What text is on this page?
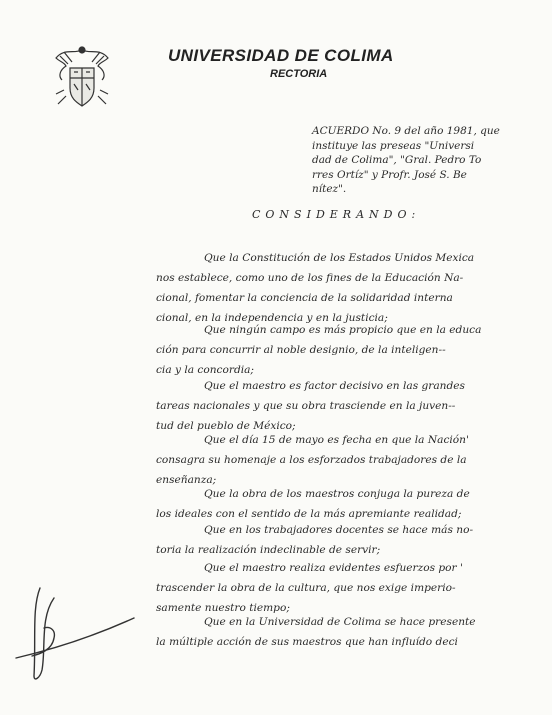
UNIVERSIDAD DE COLIMA
RECTORIA
ACUERDO No. 9 del año 1981, que
instituye las preseas "Universi
dad de Colima", "Gral. Pedro To
rres Ortíz" y Profr. José S. Be
nítez".
CONSIDERANDO:
Que la Constitución de los Estados Unidos Mexica
nos establece, como uno de los fines de la Educación Na-
cional, fomentar la conciencia de la solidaridad interna
cional, en la independencia y en la justicia;
Que ningún campo es más propicio que en la educa
ción para concurrir al noble designio, de la inteligen--
cia y la concordia;
Que el maestro es factor decisivo en las grandes
tareas nacionales y que su obra trasciende en la juven--
tud del pueblo de México;
Que el día 15 de mayo es fecha en que la Nación'
consagra su homenaje a los esforzados trabajadores de la
enseñanza;
Que la obra de los maestros conjuga la pureza de
los ideales con el sentido de la más apremiante realidad;
Que en los trabajadores docentes se hace más no-
toria la realización indeclinable de servir;
Que el maestro realiza evidentes esfuerzos por '
trascender la obra de la cultura, que nos exige imperio-
samente nuestro tiempo;
Que en la Universidad de Colima se hace presente
la múltiple acción de sus maestros que han influído deci
